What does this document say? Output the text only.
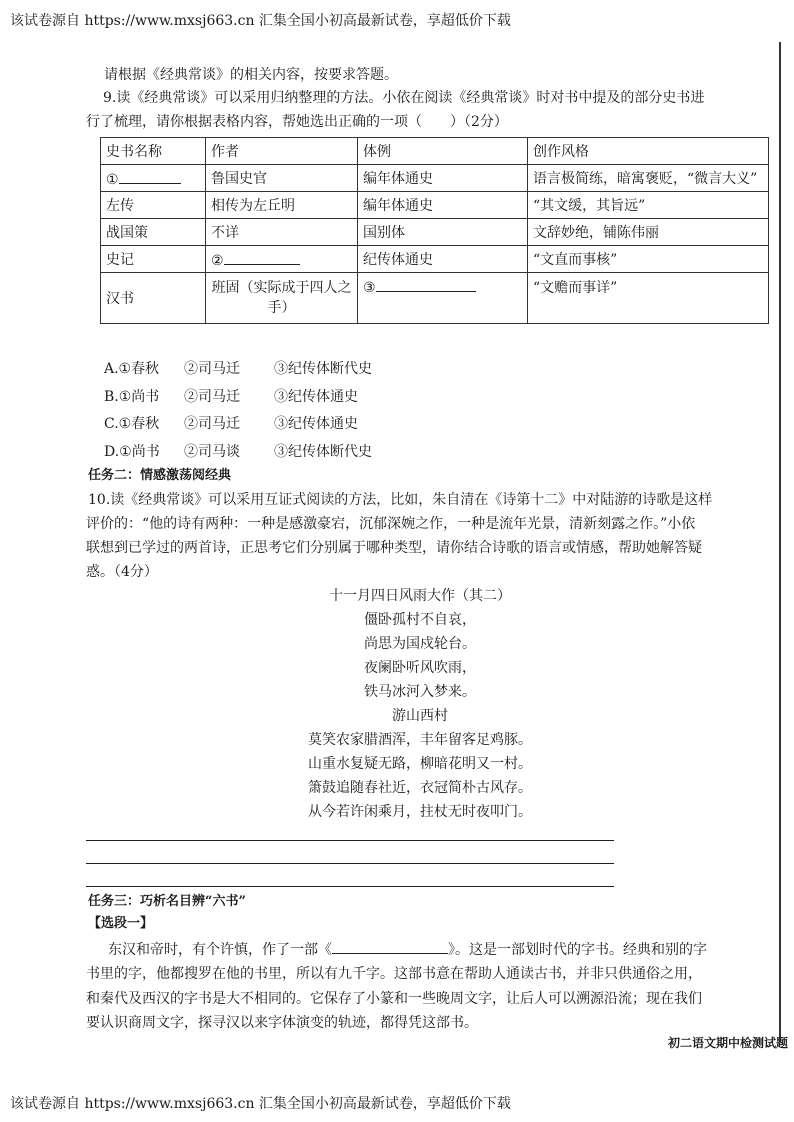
该试卷源自 https://www.mxsj663.cn 汇集全国小初高最新试卷，享超低价下载
请根据《经典常谈》的相关内容，按要求答题。
9.读《经典常谈》可以采用归纳整理的方法。小依在阅读《经典常谈》时对书中提及的部分史书进
行了梳理，请你根据表格内容，帮她选出正确的一项（　　）（2分）
史书名称	作者	体例	创作风格
①	鲁国史官	编年体通史	语言极简练，暗寓褒贬，“微言大义”
左传	相传为左丘明	编年体通史	“其文缓，其旨远”
战国策	不详	国别体	文辞妙绝，铺陈伟丽
史记	②	纪传体通史	“文直而事核”
汉书	班固（实际成于四人之手）	③	“文赡而事详”
A.①春秋 ②司马迁 ③纪传体断代史
B.①尚书 ②司马迁 ③纪传体通史
C.①春秋 ②司马迁 ③纪传体通史
D.①尚书 ②司马谈 ③纪传体断代史
任务二：情感激荡阅经典
10.读《经典常谈》可以采用互证式阅读的方法，比如，朱自清在《诗第十二》中对陆游的诗歌是这样
评价的：“他的诗有两种：一种是感激豪宕，沉郁深婉之作，一种是流年光景，清新刻露之作。”小依
联想到已学过的两首诗，正思考它们分别属于哪种类型，请你结合诗歌的语言或情感，帮助她解答疑
惑。（4分）
十一月四日风雨大作（其二）
僵卧孤村不自哀，
尚思为国戍轮台。
夜阑卧听风吹雨，
铁马冰河入梦来。
游山西村
莫笑农家腊酒浑，丰年留客足鸡豚。
山重水复疑无路，柳暗花明又一村。
箫鼓追随春社近，衣冠简朴古风存。
从今若许闲乘月，拄杖无时夜叩门。
任务三：巧析名目辨“六书”
【选段一】
东汉和帝时，有个许慎，作了一部《	》。这是一部划时代的字书。经典和别的字
书里的字，他都搜罗在他的书里，所以有九千字。这部书意在帮助人通读古书，并非只供通俗之用，
和秦代及西汉的字书是大不相同的。它保存了小篆和一些晚周文字，让后人可以溯源沿流；现在我们
要认识商周文字，探寻汉以来字体演变的轨迹，都得凭这部书。
初二语文期中检测试题
该试卷源自 https://www.mxsj663.cn 汇集全国小初高最新试卷，享超低价下载
